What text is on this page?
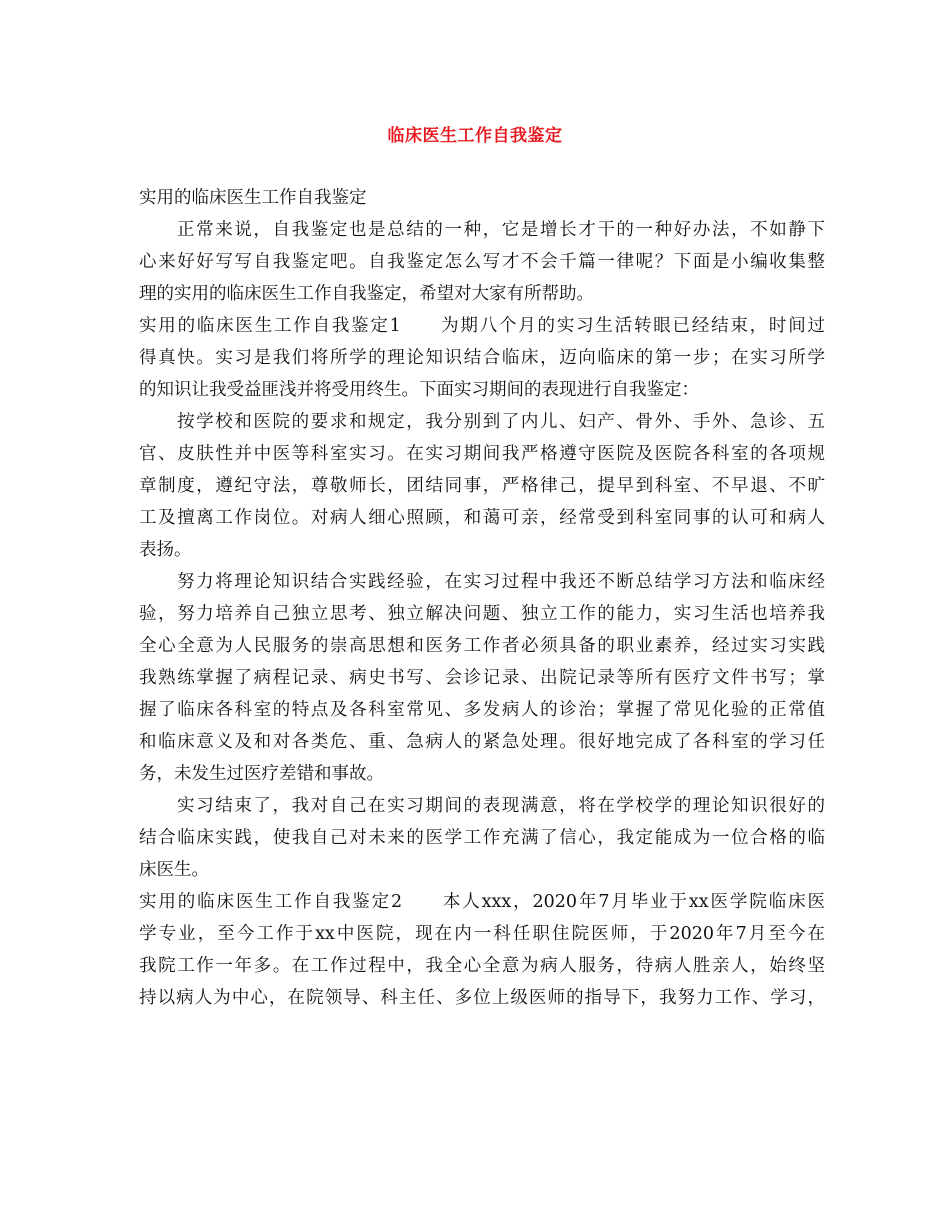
临床医生工作自我鉴定
实用的临床医生工作自我鉴定
正常来说，自我鉴定也是总结的一种，它是增长才干的一种好办法，不如静下
心来好好写写自我鉴定吧。自我鉴定怎么写才不会千篇一律呢？下面是小编收集整
理的实用的临床医生工作自我鉴定，希望对大家有所帮助。
实用的临床医生工作自我鉴定1　　为期八个月的实习生活转眼已经结束，时间过
得真快。实习是我们将所学的理论知识结合临床，迈向临床的第一步；在实习所学
的知识让我受益匪浅并将受用终生。下面实习期间的表现进行自我鉴定：
按学校和医院的要求和规定，我分别到了内儿、妇产、骨外、手外、急诊、五
官、皮肤性并中医等科室实习。在实习期间我严格遵守医院及医院各科室的各项规
章制度，遵纪守法，尊敬师长，团结同事，严格律己，提早到科室、不早退、不旷
工及擅离工作岗位。对病人细心照顾，和蔼可亲，经常受到科室同事的认可和病人
表扬。
努力将理论知识结合实践经验，在实习过程中我还不断总结学习方法和临床经
验，努力培养自己独立思考、独立解决问题、独立工作的能力，实习生活也培养我
全心全意为人民服务的崇高思想和医务工作者必须具备的职业素养，经过实习实践
我熟练掌握了病程记录、病史书写、会诊记录、出院记录等所有医疗文件书写；掌
握了临床各科室的特点及各科室常见、多发病人的诊治；掌握了常见化验的正常值
和临床意义及和对各类危、重、急病人的紧急处理。很好地完成了各科室的学习任
务，未发生过医疗差错和事故。
实习结束了，我对自己在实习期间的表现满意，将在学校学的理论知识很好的
结合临床实践，使我自己对未来的医学工作充满了信心，我定能成为一位合格的临
床医生。
实用的临床医生工作自我鉴定2　　本人xxx，2020年7月毕业于xx医学院临床医
学专业，至今工作于xx中医院，现在内一科任职住院医师，于2020年7月至今在
我院工作一年多。在工作过程中，我全心全意为病人服务，待病人胜亲人，始终坚
持以病人为中心，在院领导、科主任、多位上级医师的指导下，我努力工作、学习，
